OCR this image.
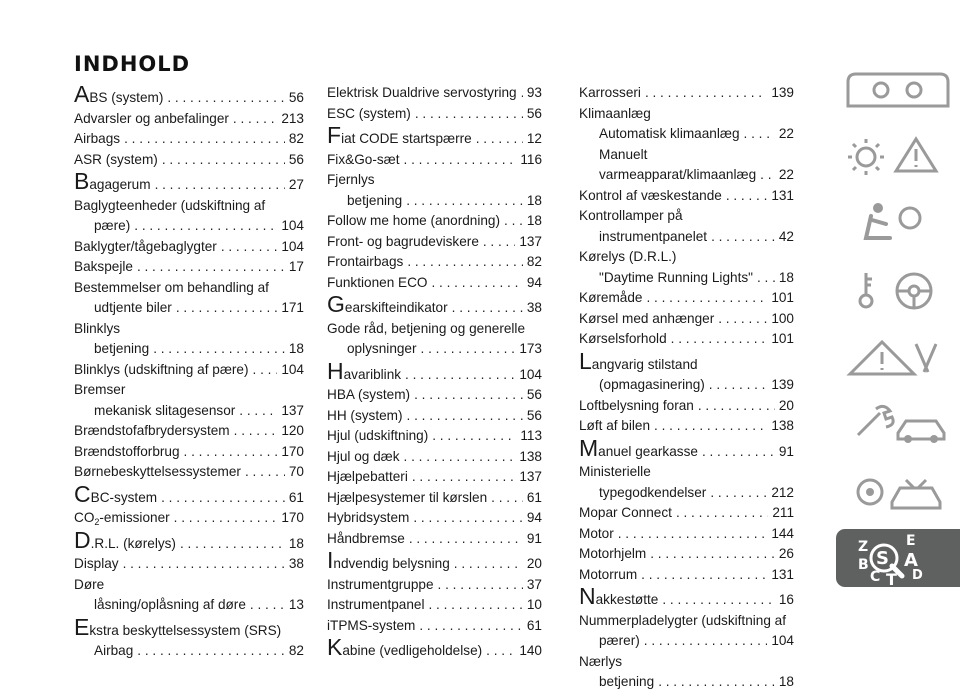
INDHOLD
ABS (system) . . .	56
Advarsler og anbefalinger . . .	213
Airbags . . .	82
ASR (system) . . .	56
Bagagerum . . .	27
Baglygteenheder (udskiftning af
pære) . . .	104
Baklygter/tågebaglygter . . .	104
Bakspejle . . .	17
Bestemmelser om behandling af
udtjente biler . . .	171
Blinklys
betjening . . .	18
Blinklys (udskiftning af pære) . . . 104
Bremser
mekanisk slitagesensor . . .	137
Brændstofafbrydersystem . . .	120
Brændstofforbrug . . .	170
Børnebeskyttelsessystemer . . .	70
CBC-system . . .	61
$CO_2$-emissioner . . .	170
D.R.L. (kørelys) . . .	18
Display . . .	38
Døre
låsning/oplåsning af døre . . .	13
Ekstra beskyttelsessystem (SRS)
Airbag . . .	82
Elektrisk Dualdrive servostyring . . . 93
ESC (system) . . .	56
Fiat CODE startspærre . . .	12
Fix&Go-sæt . . .	116
Fjernlys
betjening . . .	18
Follow me home (anordning) . . . 18
Front- og bagrudeviskere . . .	137
Frontairbags . . .	82
Funktionen ECO . . .	94
Gearskifteindikator . . .	38
Gode råd, betjening og generelle
oplysninger . . .	173
Havariblink . . .	104
HBA (system) . . .	56
HH (system) . . .	56
Hjul (udskiftning) . . .	113
Hjul og dæk . . .	138
Hjælpebatteri . . .	137
Hjælpesystemer til kørslen . . .	61
Hybridsystem . . .	94
Håndbremse . . .	91
Indvendig belysning . . .	20
Instrumentgruppe . . .	37
Instrumentpanel . . .	10
iTPMS-system . . .	61
Kabine (vedligeholdelse) . . .	140
Karrosseri . . .	139
Klimaanlæg
Automatisk klimaanlæg . . .	22
Manuelt
varmeapparat/klimaanlæg . . . 22
Kontrol af væskestande . . .	131
Kontrollamper på
instrumentpanelet . . .	42
Kørelys (D.R.L.)
"Daytime Running Lights" . . . 18
Køremåde . . .	101
Kørsel med anhænger . . .	100
Kørselsforhold . . .	101
Langvarig stilstand
(opmagasinering) . . .	139
Loftbelysning foran . . .	20
Løft af bilen . . .	138
Manuel gearkasse . . .	91
Ministerielle
typegodkendelser . . .	212
Mopar Connect . . .	211
Motor . . .	144
Motorhjelm . . .	26
Motorrum . . .	131
Nakkestøtte . . .	16
Nummerpladelygter (udskiftning af
pærer) . . .	104
Nærlys
betjening . . .	18
S
Z	E
B A
C T D
